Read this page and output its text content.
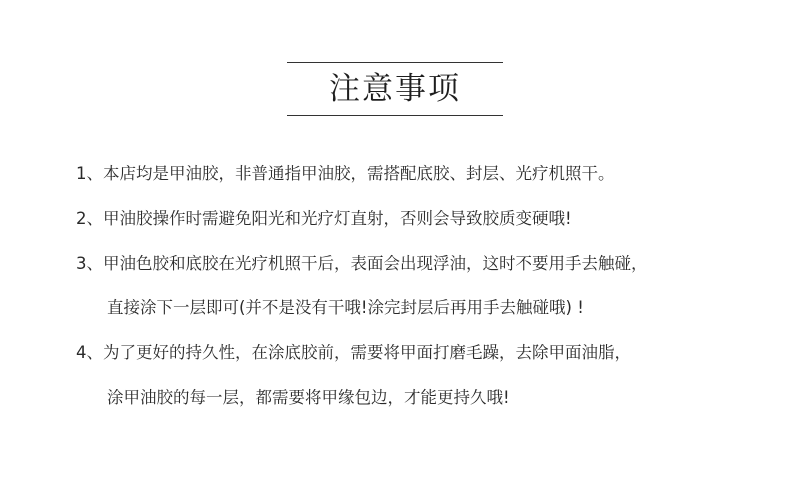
注意事项
1、本店均是甲油胶，非普通指甲油胶，需搭配底胶、封层、光疗机照干。
2、甲油胶操作时需避免阳光和光疗灯直射，否则会导致胶质变硬哦!
3、甲油色胶和底胶在光疗机照干后，表面会出现浮油，这时不要用手去触碰，
直接涂下一层即可(并不是没有干哦!涂完封层后再用手去触碰哦) !
4、为了更好的持久性，在涂底胶前，需要将甲面打磨毛躁，去除甲面油脂，
涂甲油胶的每一层，都需要将甲缘包边，才能更持久哦!
